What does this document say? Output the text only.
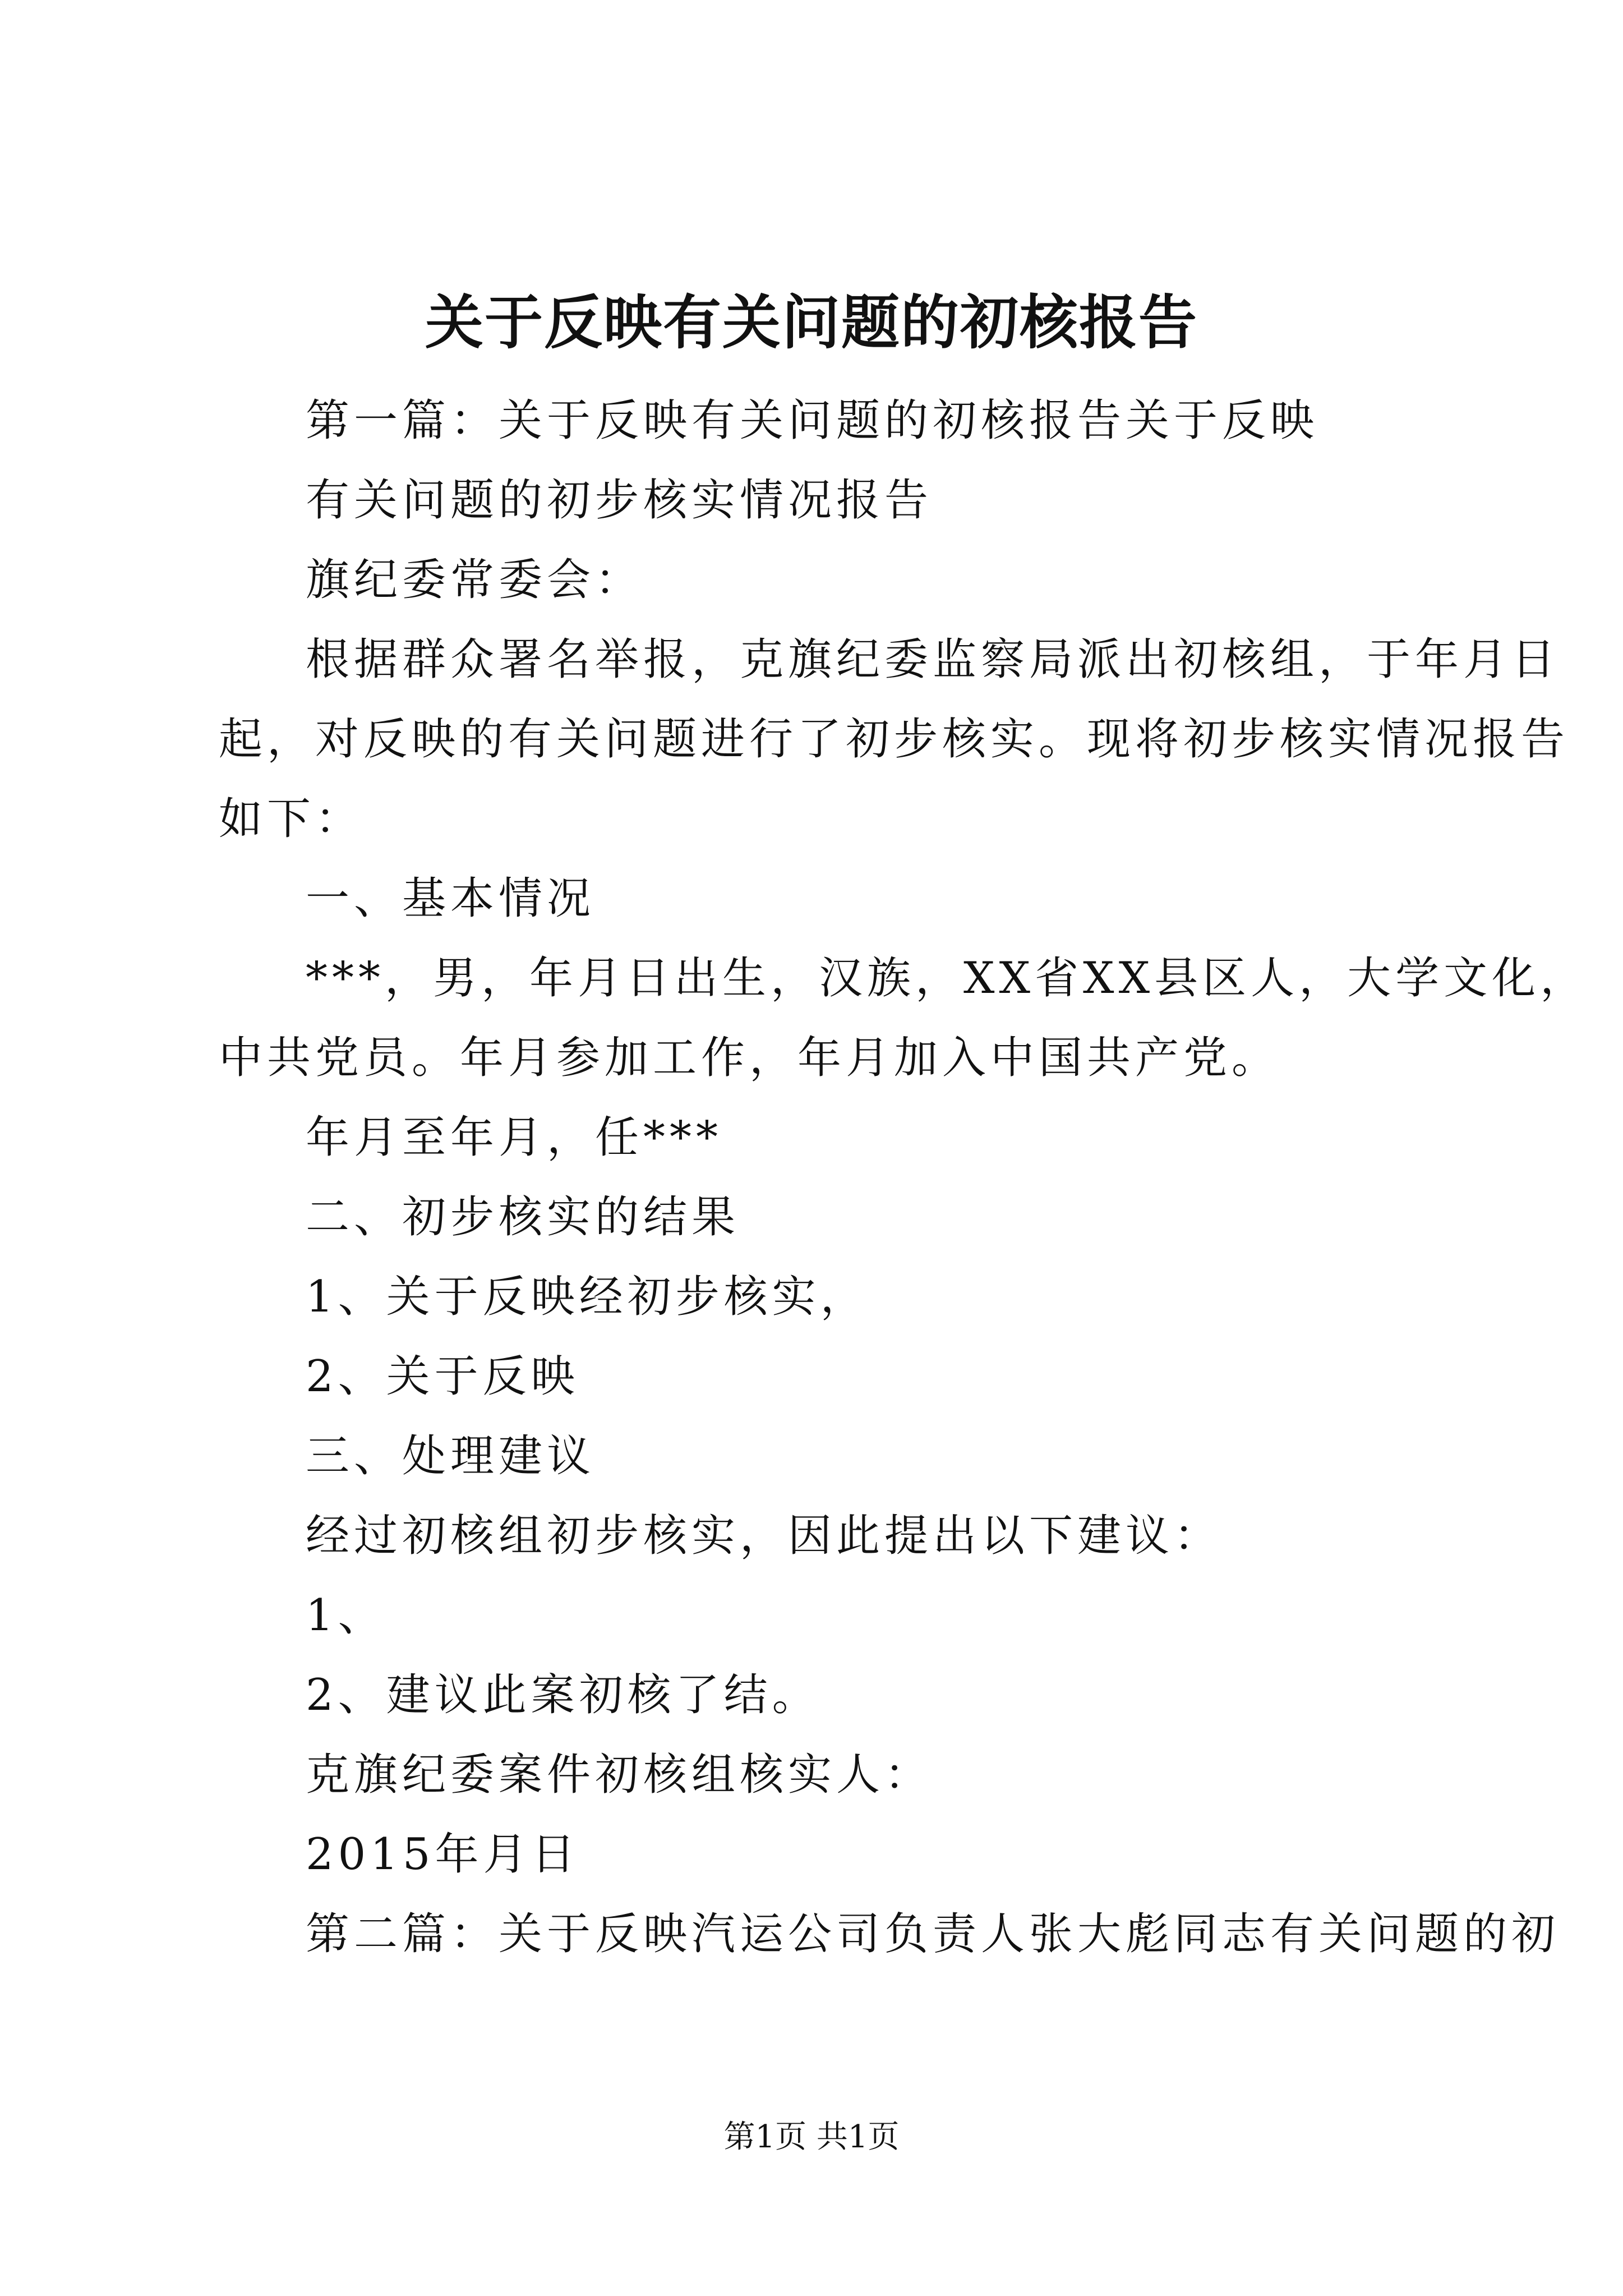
关于反映有关问题的初核报告
第一篇：关于反映有关问题的初核报告关于反映
有关问题的初步核实情况报告
旗纪委常委会：
根据群众署名举报，克旗纪委监察局派出初核组，于年月日
起，对反映的有关问题进行了初步核实。现将初步核实情况报告
如下：
一、基本情况
***，男，年月日出生，汉族，XX省XX县区人，大学文化，
中共党员。年月参加工作，年月加入中国共产党。
年月至年月，任***
二、初步核实的结果
1、关于反映经初步核实，
2、关于反映
三、处理建议
经过初核组初步核实，因此提出以下建议：
1、
2、建议此案初核了结。
克旗纪委案件初核组核实人：
2015年月日
第二篇：关于反映汽运公司负责人张大彪同志有关问题的初
第1页 共1页
